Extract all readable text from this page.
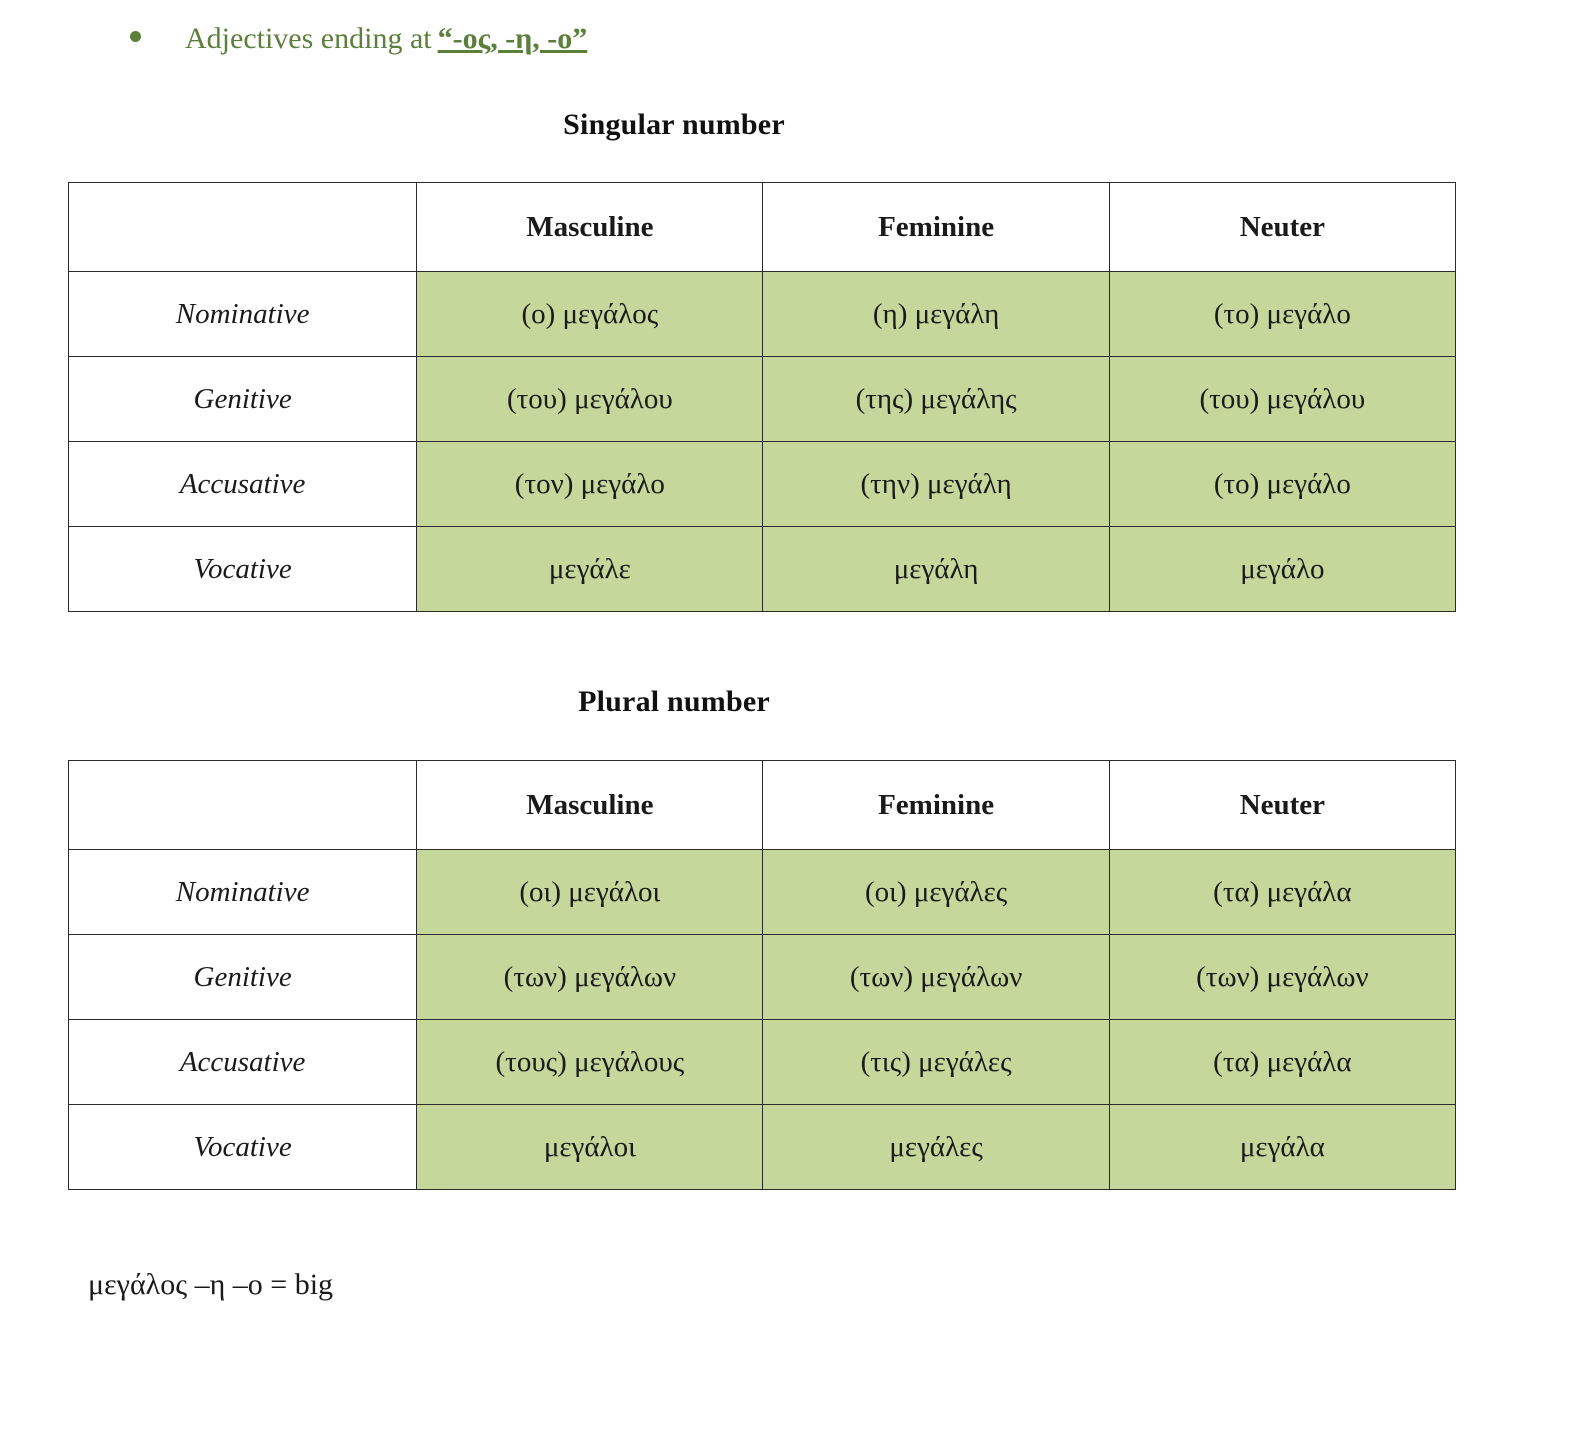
Adjectives ending at “-ος, -η, -ο”
Singular number
	Masculine	Feminine	Neuter
Nominative	(ο) μεγάλος	(η) μεγάλη	(το) μεγάλο
Genitive	(του) μεγάλου	(της) μεγάλης	(του) μεγάλου
Accusative	(τον) μεγάλο	(την) μεγάλη	(το) μεγάλο
Vocative	μεγάλε	μεγάλη	μεγάλο
Plural number
	Masculine	Feminine	Neuter
Nominative	(οι) μεγάλοι	(οι) μεγάλες	(τα) μεγάλα
Genitive	(των) μεγάλων	(των) μεγάλων	(των) μεγάλων
Accusative	(τους) μεγάλους	(τις) μεγάλες	(τα) μεγάλα
Vocative	μεγάλοι	μεγάλες	μεγάλα
μεγάλος –η –ο = big
